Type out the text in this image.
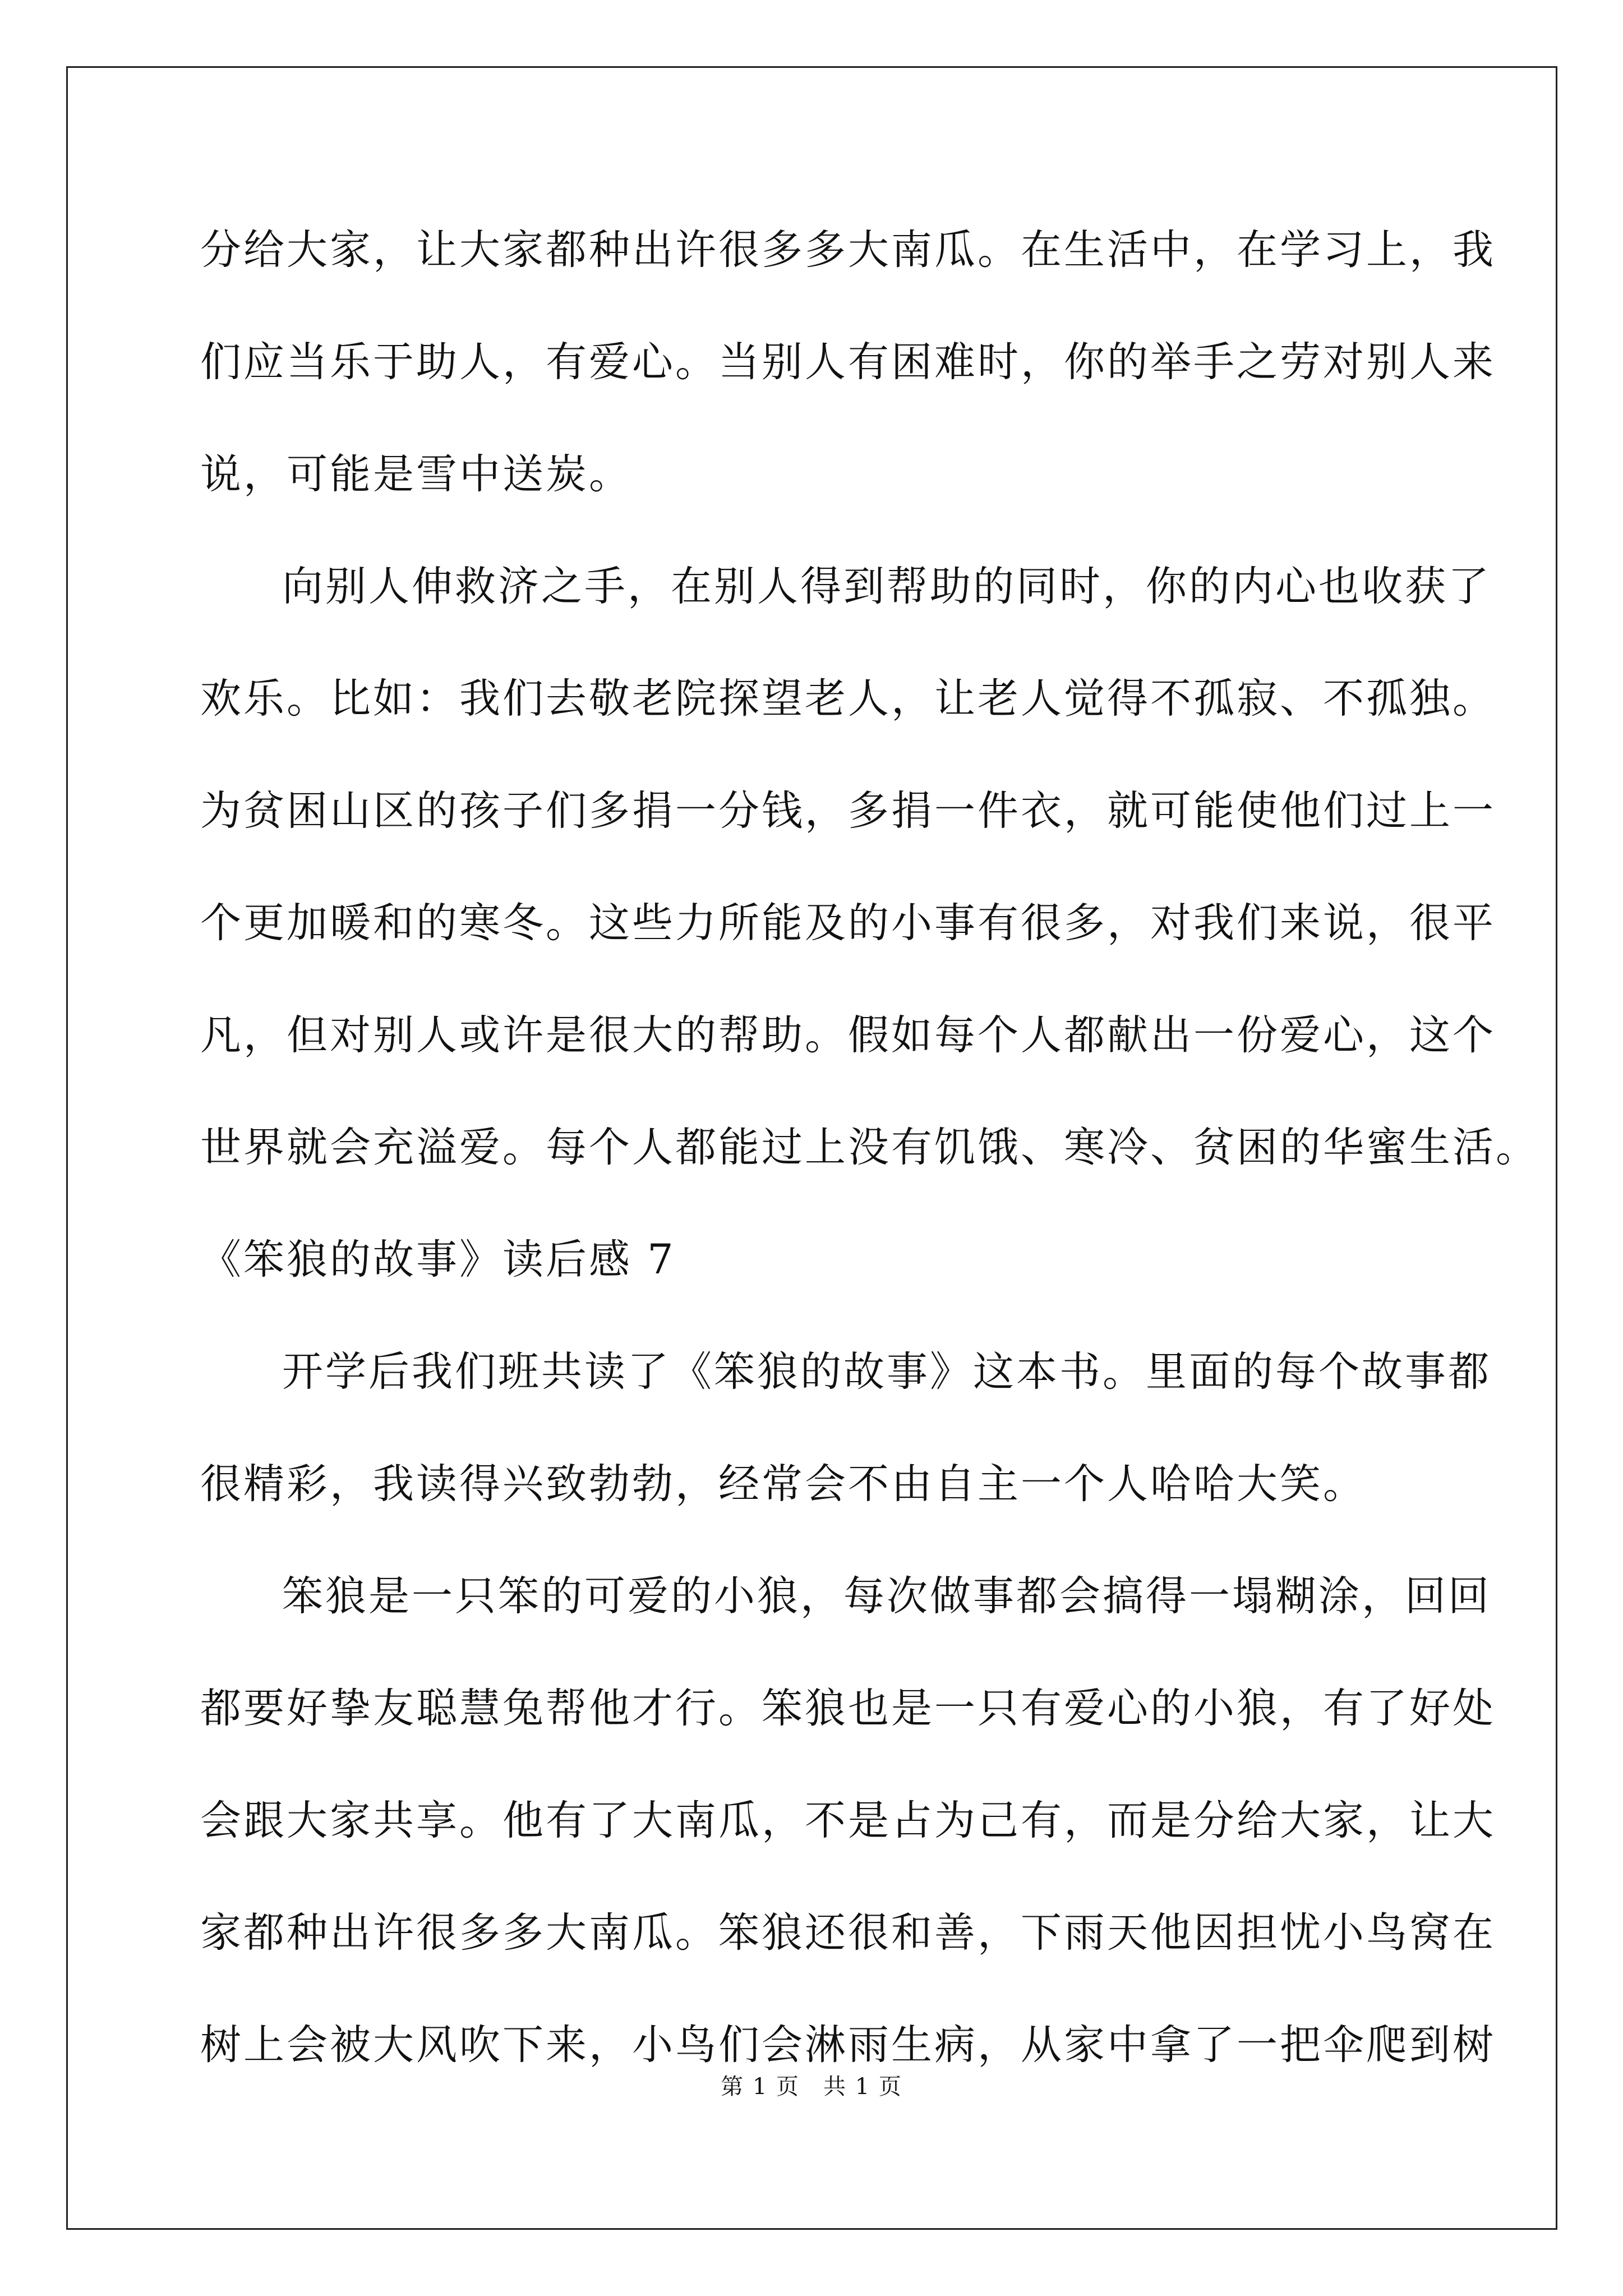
分给大家，让大家都种出许很多多大南瓜。在生活中，在学习上，我
们应当乐于助人，有爱心。当别人有困难时，你的举手之劳对别人来
说，可能是雪中送炭。
向别人伸救济之手，在别人得到帮助的同时，你的内心也收获了
欢乐。比如：我们去敬老院探望老人，让老人觉得不孤寂、不孤独。
为贫困山区的孩子们多捐一分钱，多捐一件衣，就可能使他们过上一
个更加暖和的寒冬。这些力所能及的小事有很多，对我们来说，很平
凡，但对别人或许是很大的帮助。假如每个人都献出一份爱心，这个
世界就会充溢爱。每个人都能过上没有饥饿、寒冷、贫困的华蜜生活。
《笨狼的故事》读后感 7
开学后我们班共读了《笨狼的故事》这本书。里面的每个故事都
很精彩，我读得兴致勃勃，经常会不由自主一个人哈哈大笑。
笨狼是一只笨的可爱的小狼，每次做事都会搞得一塌糊涂，回回
都要好挚友聪慧兔帮他才行。笨狼也是一只有爱心的小狼，有了好处
会跟大家共享。他有了大南瓜，不是占为己有，而是分给大家，让大
家都种出许很多多大南瓜。笨狼还很和善，下雨天他因担忧小鸟窝在
树上会被大风吹下来，小鸟们会淋雨生病，从家中拿了一把伞爬到树
第 1 页　共 1 页
